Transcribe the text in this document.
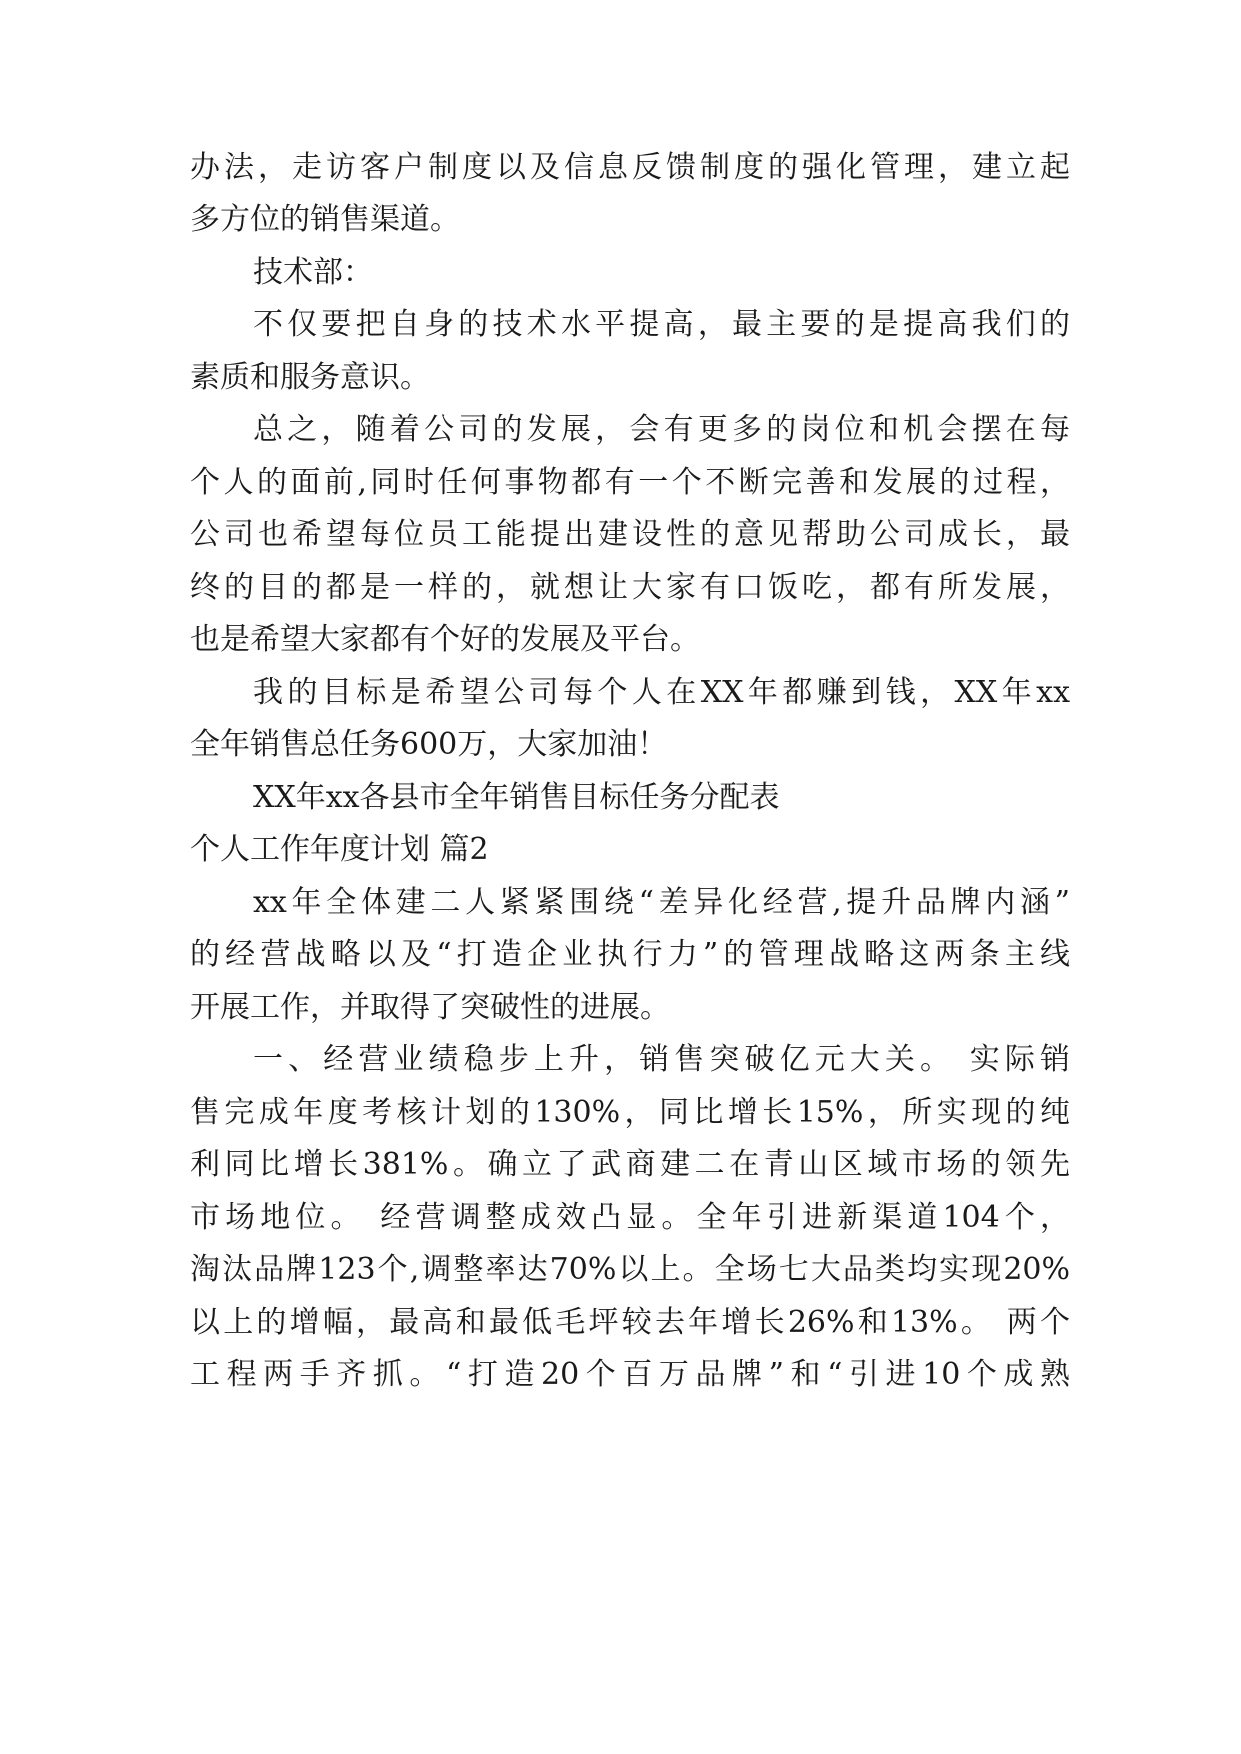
办法，走访客户制度以及信息反馈制度的强化管理，建立起
多方位的销售渠道。
技术部：
不仅要把自身的技术水平提高，最主要的是提高我们的
素质和服务意识。
总之，随着公司的发展，会有更多的岗位和机会摆在每
个人的面前,同时任何事物都有一个不断完善和发展的过程，
公司也希望每位员工能提出建设性的意见帮助公司成长，最
终的目的都是一样的，就想让大家有口饭吃，都有所发展，
也是希望大家都有个好的发展及平台。
我的目标是希望公司每个人在XX年都赚到钱，XX年xx
全年销售总任务600万，大家加油！
XX年xx各县市全年销售目标任务分配表
个人工作年度计划 篇2
xx年全体建二人紧紧围绕“差异化经营,提升品牌内涵”
的经营战略以及“打造企业执行力”的管理战略这两条主线
开展工作，并取得了突破性的进展。
一、经营业绩稳步上升，销售突破亿元大关。 实际销
售完成年度考核计划的130%，同比增长15%，所实现的纯
利同比增长381%。确立了武商建二在青山区域市场的领先
市场地位。 经营调整成效凸显。全年引进新渠道104个，
淘汰品牌123个,调整率达70%以上。全场七大品类均实现20%
以上的增幅，最高和最低毛坪较去年增长26%和13%。 两个
工程两手齐抓。“打造20个百万品牌”和“引进10个成熟
